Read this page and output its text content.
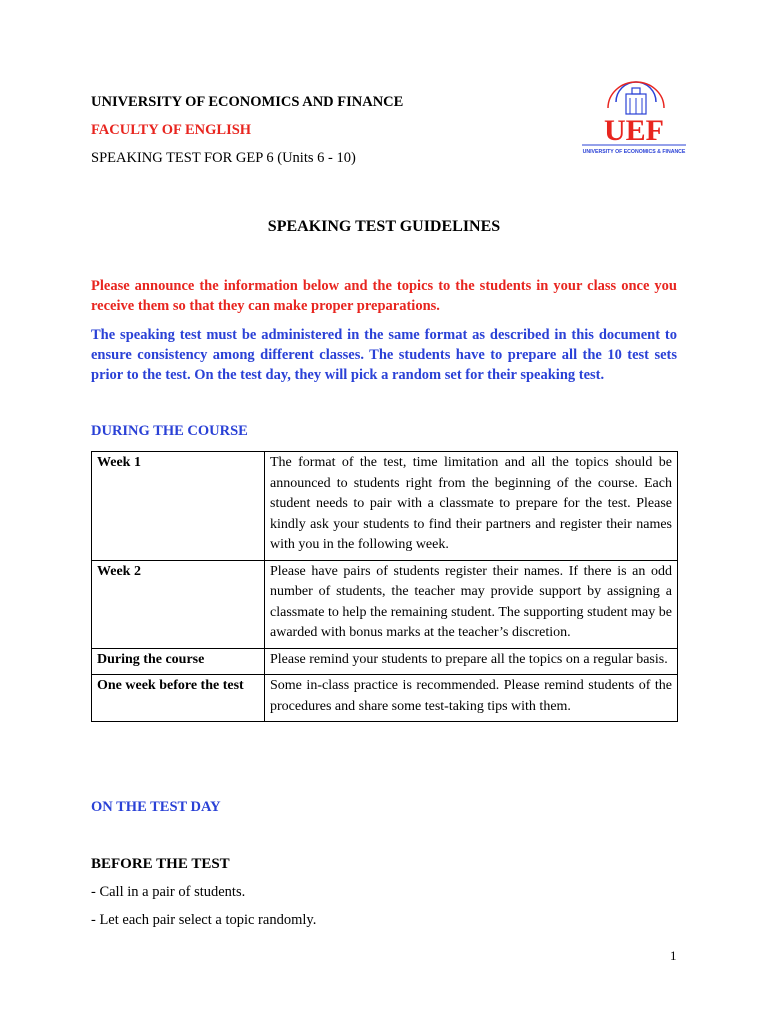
UNIVERSITY OF ECONOMICS AND FINANCE
FACULTY OF ENGLISH
SPEAKING TEST FOR GEP 6 (Units 6 - 10)
UEF
UNIVERSITY OF ECONOMICS & FINANCE
SPEAKING TEST GUIDELINES
Please announce the information below and the topics to the students in your class once you receive them so that they can make proper preparations.
The speaking test must be administered in the same format as described in this document to ensure consistency among different classes. The students have to prepare all the 10 test sets prior to the test. On the test day, they will pick a random set for their speaking test.
DURING THE COURSE
Week 1	The format of the test, time limitation and all the topics should be announced to students right from the beginning of the course. Each student needs to pair with a classmate to prepare for the test. Please kindly ask your students to find their partners and register their names with you in the following week.
Week 2	Please have pairs of students register their names. If there is an odd number of students, the teacher may provide support by assigning a classmate to help the remaining student. The supporting student may be awarded with bonus marks at the teacher’s discretion.
During the course	Please remind your students to prepare all the topics on a regular basis.
One week before the test	Some in-class practice is recommended. Please remind students of the procedures and share some test-taking tips with them.
ON THE TEST DAY
BEFORE THE TEST
- Call in a pair of students.
- Let each pair select a topic randomly.
1
